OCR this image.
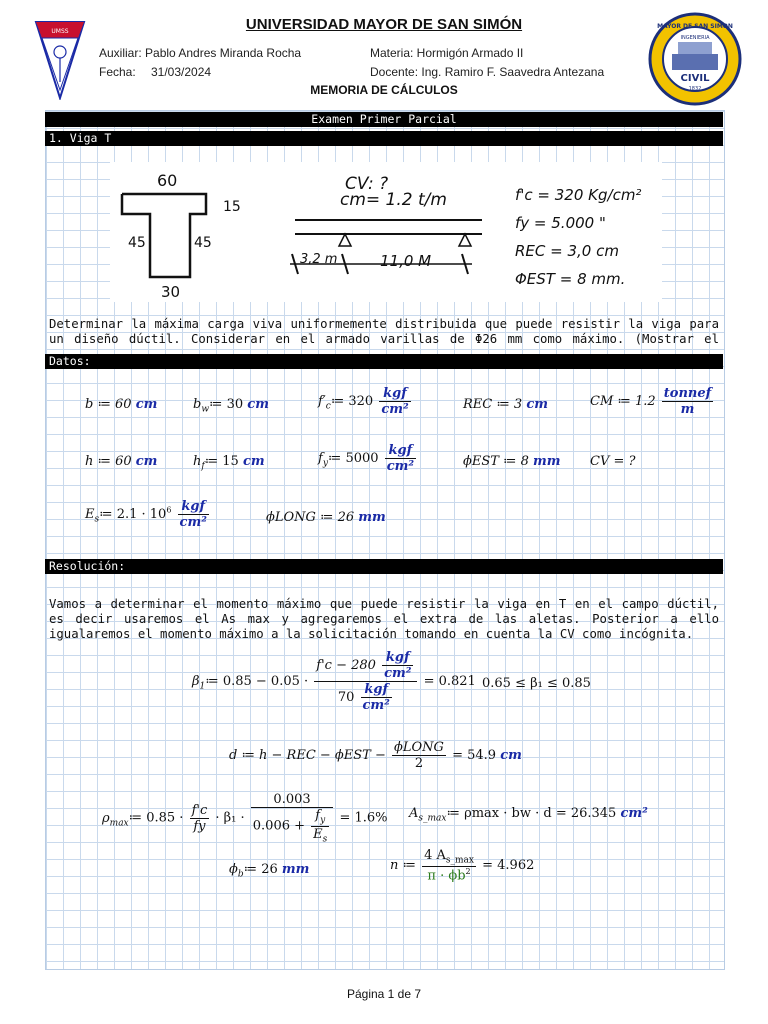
UMSS
MAYOR DE SAN SIMON
INGENIERIA
CIVIL
1832
UNIVERSIDAD MAYOR DE SAN SIMÓN
Auxiliar: Pablo Andres Miranda Rocha
Fecha: 31/03/2024
Materia: Hormigón Armado II
Docente: Ing. Ramiro F. Saavedra Antezana
MEMORIA DE CÁLCULOS
Examen Primer Parcial
1. Viga T
60
15
45	45
30
CV: ?
cm= 1.2 t/m
3,2 m	11,0 M
f'c = 320 Kg/cm²
fy = 5.000 "
REC = 3,0 cm
ΦEST = 8 mm.
Determinar la máxima carga viva uniformemente distribuida que puede resistir la viga para un diseño dúctil. Considerar en el armado varillas de Φ26 mm como máximo. (Mostrar el
Datos:
b ≔ 60 cm	$b_w≔$ 30 cm	$f'_c≔$ $320 \frac{\text{kgf}}{\text{cm²}}$	REC ≔ 3 cm	CM ≔ $1.2 \frac{\text{tonnef}}{m}$
h ≔ 60 cm	$h_f≔$ 15 cm	$f_y≔$ $5000 \frac{\text{kgf}}{\text{cm²}}$	ϕEST ≔ 8 mm CV = ?
$E_s≔$ $2.1 \cdot 10^6 \frac{\text{kgf}}{\text{cm²}}$	ϕLONG ≔ 26 mm
Resolución:
Vamos a determinar el momento máximo que puede resistir la viga en T en el campo dúctil, es decir usaremos el As max y agregaremos el extra de las aletas. Posterior a ello igualaremos el momento máximo a la solicitación tomando en cuenta la CV como incógnita.
$\beta_1≔$ $0.85 - 0.05 \cdot \frac{f'c - 280 \frac{\text{kgf}}{\text{cm²}}}{70 \frac{\text{kgf}}{\text{cm²}}} = 0.821$ 0.65 ≤ β₁ ≤ 0.85
d ≔ h − REC − $\phi EST - \frac{\text{ϕLONG}}{2} = 54.9$ cm
$\rho_{max}≔$ $0.85 \cdot \frac{f'c}{fy} \cdot \beta_1 \cdot \frac{0.003}{0.006 + \frac{f_y}{E_s}} = 1.6\%$ $A_{s\_max}≔$ ρmax · bw · d = 26.345 cm²
$\phi_b≔$ 26 mm	n ≔ $\frac{4 A_{s\_max}}{\pi \cdot \phi b^2} = 4.962$
Página 1 de 7
